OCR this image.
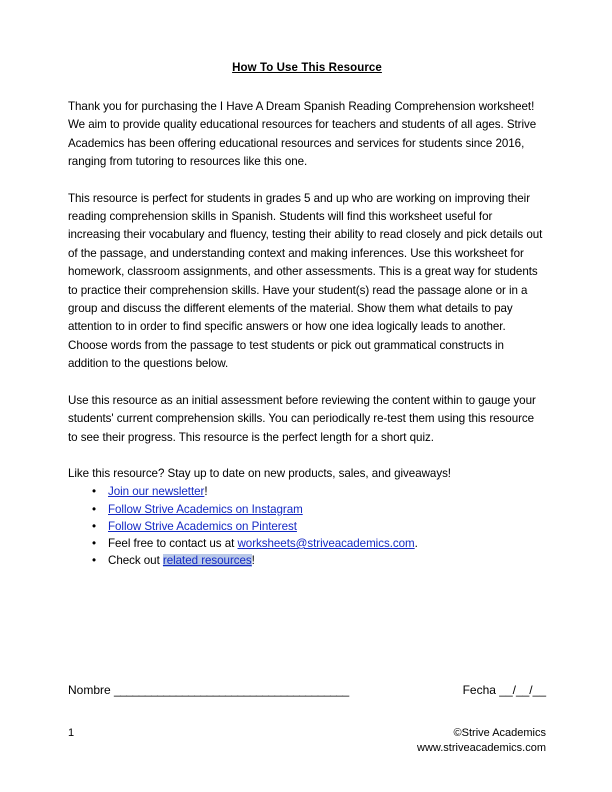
How To Use This Resource

Thank you for purchasing the I Have A Dream Spanish Reading Comprehension worksheet! We aim to provide quality educational resources for teachers and students of all ages. Strive Academics has been offering educational resources and services for students since 2016, ranging from tutoring to resources like this one.

This resource is perfect for students in grades 5 and up who are working on improving their reading comprehension skills in Spanish. Students will find this worksheet useful for increasing their vocabulary and fluency, testing their ability to read closely and pick details out of the passage, and understanding context and making inferences. Use this worksheet for homework, classroom assignments, and other assessments. This is a great way for students to practice their comprehension skills. Have your student(s) read the passage alone or in a group and discuss the different elements of the material. Show them what details to pay attention to in order to find specific answers or how one idea logically leads to another. Choose words from the passage to test students or pick out grammatical constructs in addition to the questions below.

Use this resource as an initial assessment before reviewing the content within to gauge your students' current comprehension skills. You can periodically re-test them using this resource to see their progress. This resource is the perfect length for a short quiz.

Like this resource? Stay up to date on new products, sales, and giveaways!

• Join our newsletter!
• Follow Strive Academics on Instagram
• Follow Strive Academics on Pinterest
• Feel free to contact us at worksheets@striveacademics.com.
• Check out related resources!
Fecha __/__/__
Nombre ______________________________________
1	©Strive Academics
www.striveacademics.com
